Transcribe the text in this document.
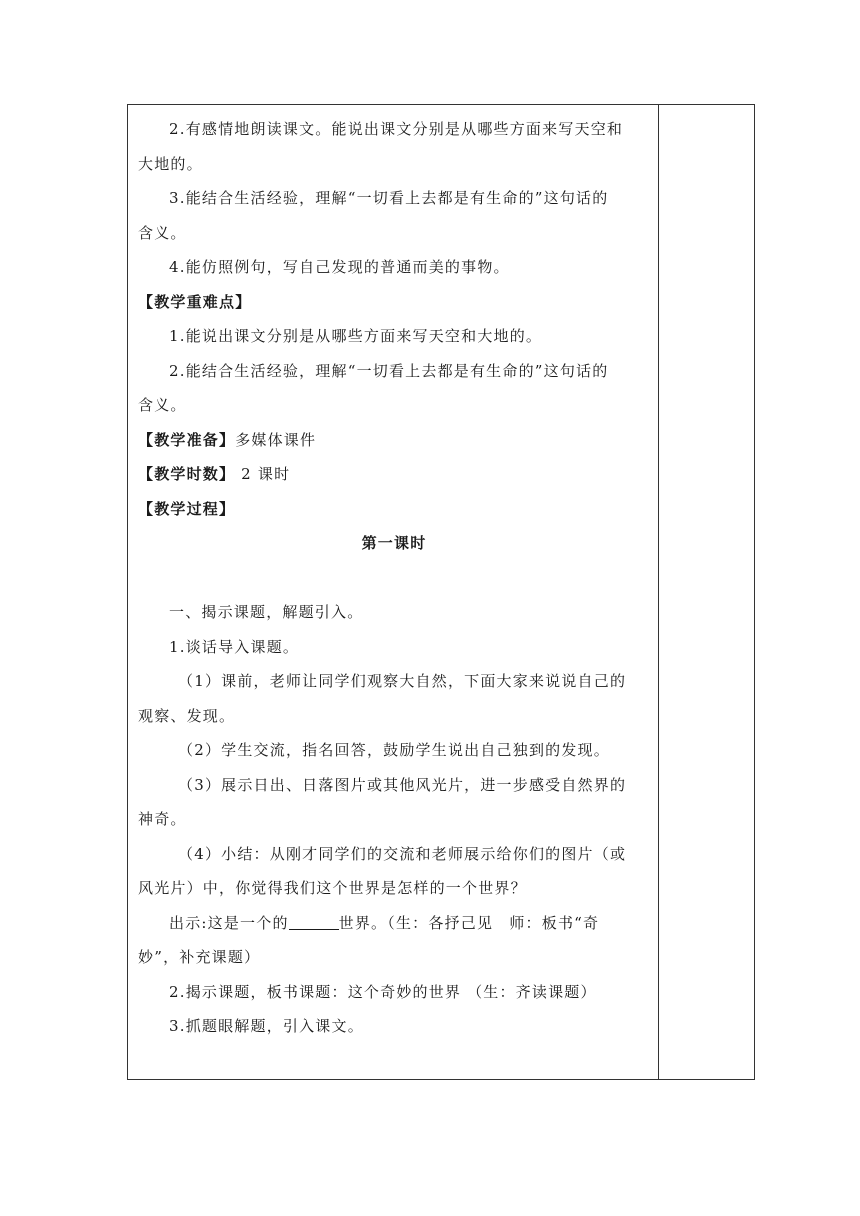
2.有感情地朗读课文。能说出课文分别是从哪些方面来写天空和
大地的。
3.能结合生活经验，理解“一切看上去都是有生命的”这句话的
含义。
4.能仿照例句，写自己发现的普通而美的事物。
【教学重难点】
1.能说出课文分别是从哪些方面来写天空和大地的。
2.能结合生活经验，理解“一切看上去都是有生命的”这句话的
含义。
【教学准备】多媒体课件
【教学时数】 2 课时
【教学过程】
第一课时
一、揭示课题，解题引入。
1.谈话导入课题。
（1）课前，老师让同学们观察大自然，下面大家来说说自己的
观察、发现。
（2）学生交流，指名回答，鼓励学生说出自己独到的发现。
（3）展示日出、日落图片或其他风光片，进一步感受自然界的
神奇。
（4）小结：从刚才同学们的交流和老师展示给你们的图片（或
风光片）中，你觉得我们这个世界是怎样的一个世界？
出示:这是一个的	世界。（生：各抒己见　师：板书“奇
妙”，补充课题）
2.揭示课题，板书课题：这个奇妙的世界 （生：齐读课题）
3.抓题眼解题，引入课文。
